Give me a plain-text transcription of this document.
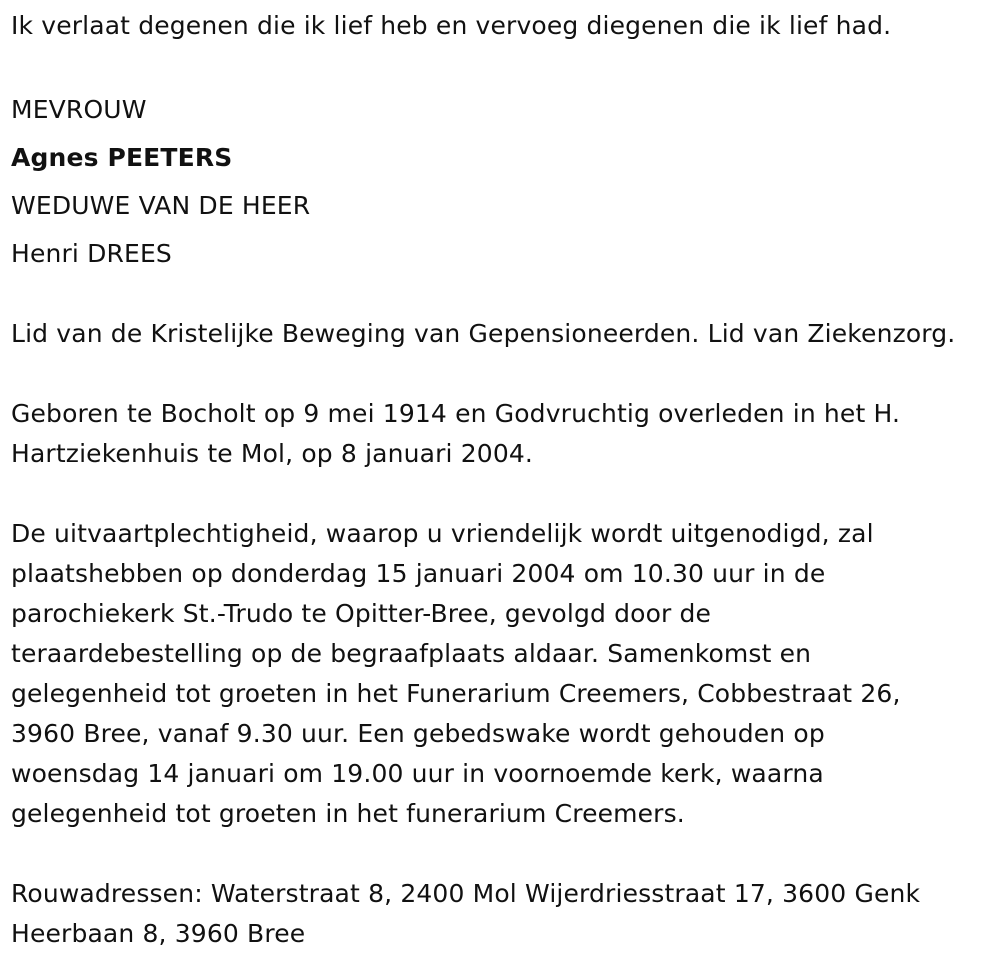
Ik verlaat degenen die ik lief heb en vervoeg diegenen die ik lief had.
MEVROUW
Agnes PEETERS
WEDUWE VAN DE HEER
Henri DREES
Lid van de Kristelijke Beweging van Gepensioneerden. Lid van Ziekenzorg.
Geboren te Bocholt op 9 mei 1914 en Godvruchtig overleden in het H.
Hartziekenhuis te Mol, op 8 januari 2004.
De uitvaartplechtigheid, waarop u vriendelijk wordt uitgenodigd, zal
plaatshebben op donderdag 15 januari 2004 om 10.30 uur in de
parochiekerk St.-Trudo te Opitter-Bree, gevolgd door de
teraardebestelling op de begraafplaats aldaar. Samenkomst en
gelegenheid tot groeten in het Funerarium Creemers, Cobbestraat 26,
3960 Bree, vanaf 9.30 uur. Een gebedswake wordt gehouden op
woensdag 14 januari om 19.00 uur in voornoemde kerk, waarna
gelegenheid tot groeten in het funerarium Creemers.
Rouwadressen: Waterstraat 8, 2400 Mol Wijerdriesstraat 17, 3600 Genk
Heerbaan 8, 3960 Bree
